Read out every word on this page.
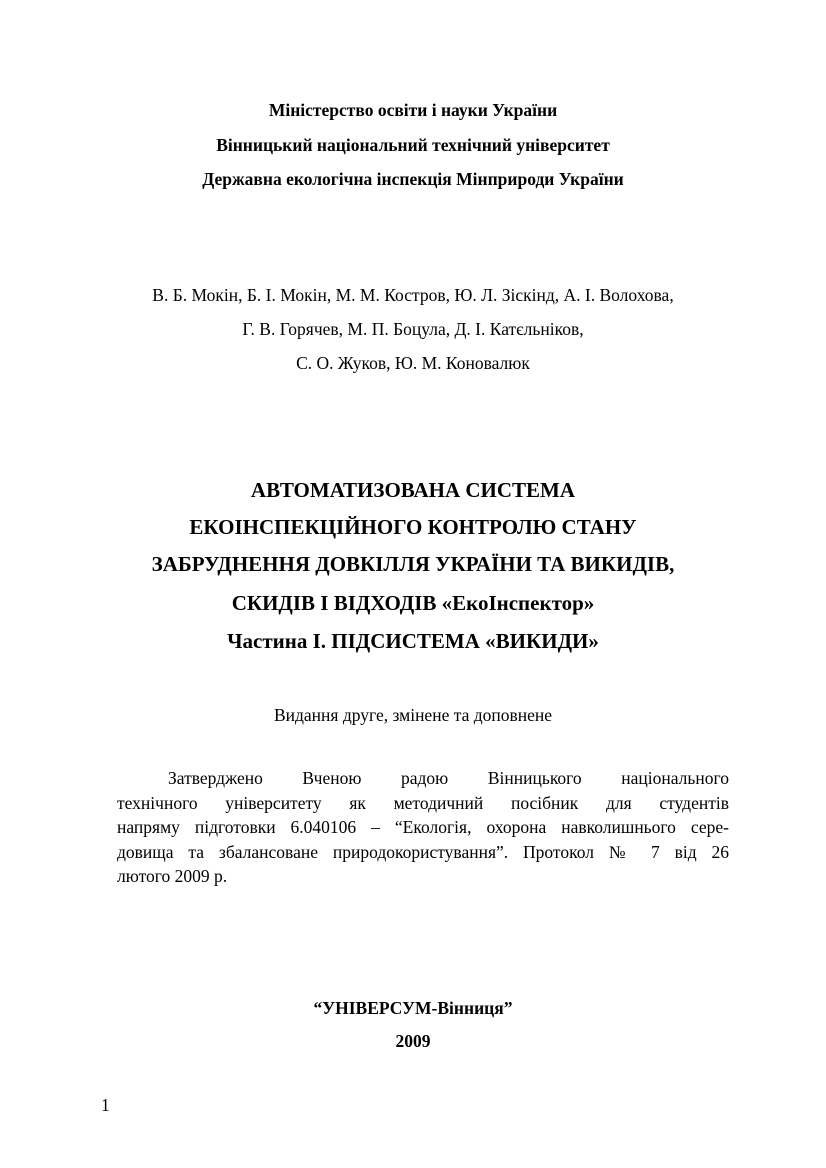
Міністерство освіти і науки України
Вінницький національний технічний університет
Державна екологічна інспекція Мінприроди України
В. Б. Мокін, Б. І. Мокін, М. М. Костров, Ю. Л. Зіскінд, А. І. Волохова,
Г. В. Горячев, М. П. Боцула, Д. І. Катєльніков,
С. О. Жуков, Ю. М. Коновалюк
АВТОМАТИЗОВАНА СИСТЕМА
ЕКОІНСПЕКЦІЙНОГО КОНТРОЛЮ СТАНУ
ЗАБРУДНЕННЯ ДОВКІЛЛЯ УКРАЇНИ ТА ВИКИДІВ,
СКИДІВ І ВІДХОДІВ «ЕкоІнспектор»
Частина І. ПІДСИСТЕМА «ВИКИДИ»
Видання друге, змінене та доповнене
Затверджено Вченою радою Вінницького національного
технічного університету як методичний посібник для студентів
напряму підготовки 6.040106 – “Екологія, охорона навколишнього сере-
довища та збалансоване природокористування”. Протокол № 7 від 26
лютого 2009 р.
“УНІВЕРСУМ-Вінниця”
2009
1
